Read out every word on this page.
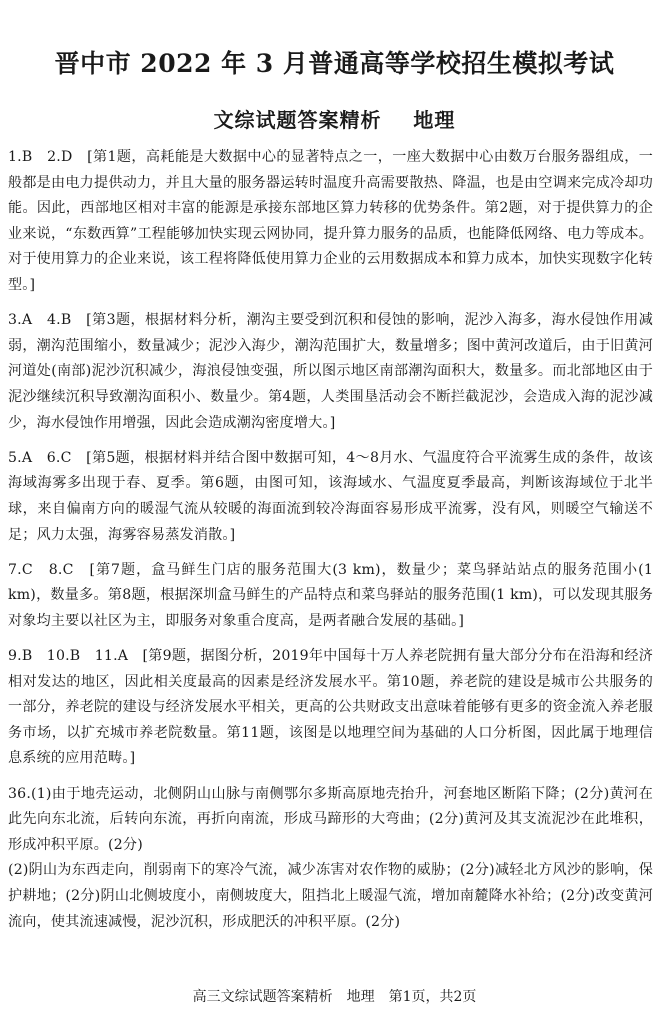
晋中市 2022 年 3 月普通高等学校招生模拟考试
文综试题答案精析    地理

1.B　2.D　[第1题，高耗能是大数据中心的显著特点之一，一座大数据中心由数万台服务器组成，一般都是由电力提供动力，并且大量的服务器运转时温度升高需要散热、降温，也是由空调来完成冷却功能。因此，西部地区相对丰富的能源是承接东部地区算力转移的优势条件。第2题，对于提供算力的企业来说，“东数西算”工程能够加快实现云网协同，提升算力服务的品质，也能降低网络、电力等成本。对于使用算力的企业来说，该工程将降低使用算力企业的云用数据成本和算力成本，加快实现数字化转型。]

3.A　4.B　[第3题，根据材料分析，潮沟主要受到沉积和侵蚀的影响，泥沙入海多，海水侵蚀作用减弱，潮沟范围缩小，数量减少；泥沙入海少，潮沟范围扩大，数量增多；图中黄河改道后，由于旧黄河河道处(南部)泥沙沉积减少，海浪侵蚀变强，所以图示地区南部潮沟面积大，数量多。而北部地区由于泥沙继续沉积导致潮沟面积小、数量少。第4题，人类围垦活动会不断拦截泥沙，会造成入海的泥沙减少，海水侵蚀作用增强，因此会造成潮沟密度增大。]

5.A　6.C　[第5题，根据材料并结合图中数据可知，4～8月水、气温度符合平流雾生成的条件，故该海域海雾多出现于春、夏季。第6题，由图可知，该海域水、气温度夏季最高，判断该海域位于北半球，来自偏南方向的暖湿气流从较暖的海面流到较冷海面容易形成平流雾，没有风，则暖空气输送不足；风力太强，海雾容易蒸发消散。]

7.C　8.C　[第7题，盒马鲜生门店的服务范围大(3 km)，数量少；菜鸟驿站站点的服务范围小(1 km)，数量多。第8题，根据深圳盒马鲜生的产品特点和菜鸟驿站的服务范围(1 km)，可以发现其服务对象均主要以社区为主，即服务对象重合度高，是两者融合发展的基础。]

9.B　10.B　11.A　[第9题，据图分析，2019年中国每十万人养老院拥有量大部分分布在沿海和经济相对发达的地区，因此相关度最高的因素是经济发展水平。第10题，养老院的建设是城市公共服务的一部分，养老院的建设与经济发展水平相关，更高的公共财政支出意味着能够有更多的资金流入养老服务市场，以扩充城市养老院数量。第11题，该图是以地理空间为基础的人口分析图，因此属于地理信息系统的应用范畴。]

36.(1)由于地壳运动，北侧阴山山脉与南侧鄂尔多斯高原地壳抬升，河套地区断陷下降；(2分)黄河在此先向东北流，后转向东流，再折向南流，形成马蹄形的大弯曲；(2分)黄河及其支流泥沙在此堆积，形成冲积平原。(2分)

(2)阴山为东西走向，削弱南下的寒冷气流，减少冻害对农作物的威胁；(2分)减轻北方风沙的影响，保护耕地；(2分)阴山北侧坡度小，南侧坡度大，阻挡北上暖湿气流，增加南麓降水补给；(2分)改变黄河流向，使其流速减慢，泥沙沉积，形成肥沃的冲积平原。(2分)

高三文综试题答案精析　地理　第1页，共2页
